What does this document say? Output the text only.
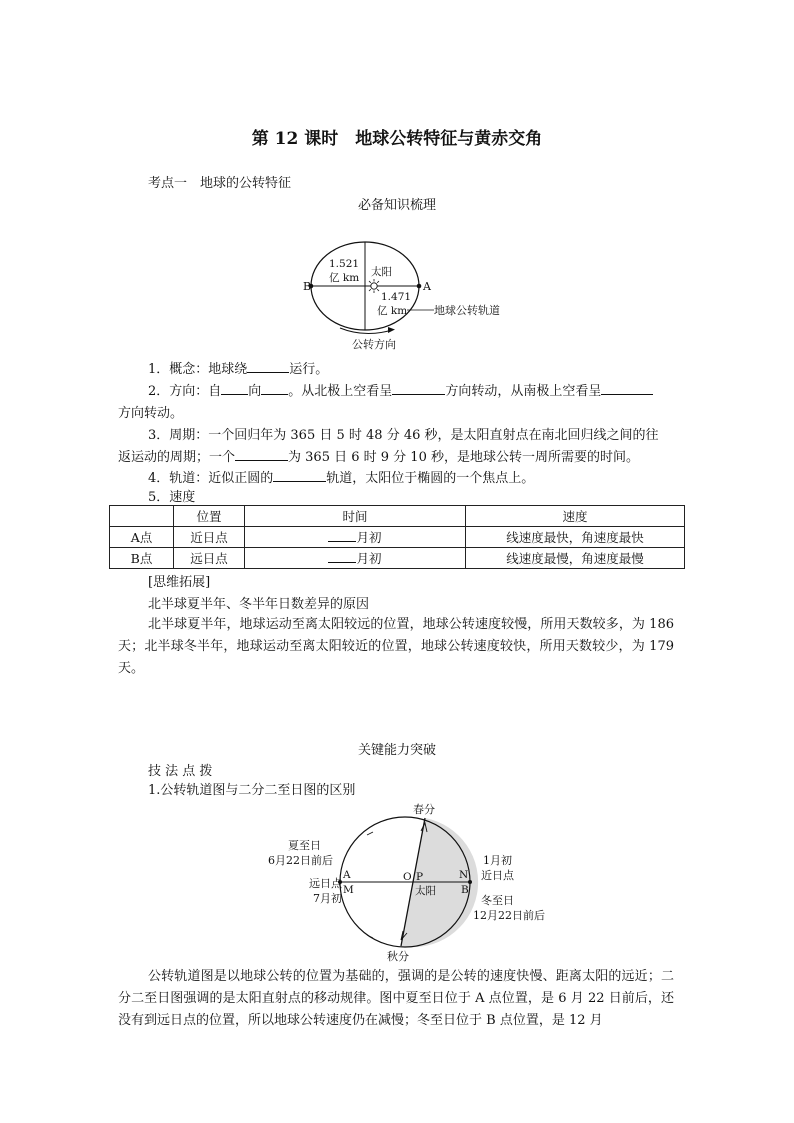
第 12 课时　地球公转特征与黄赤交角
考点一　地球的公转特征
必备知识梳理
B	A
1.521
亿 km 太阳
1.471
亿 km 地球公转轨道
公转方向
1．概念：地球绕	运行。
2．方向：自 向 。从北极上空看呈	方向转动，从南极上空看呈
方向转动。
3．周期：一个回归年为 365 日 5 时 48 分 46 秒，是太阳直射点在南北回归线之间的往
返运动的周期；一个	为 365 日 6 时 9 分 10 秒，是地球公转一周所需要的时间。
4．轨道：近似正圆的	轨道，太阳位于椭圆的一个焦点上。
5．速度
	位置	时间	速度
A点	近日点	月初	线速度最快，角速度最快
B点	远日点	月初	线速度最慢，角速度最慢
[思维拓展]
北半球夏半年、冬半年日数差异的原因
北半球夏半年，地球运动至离太阳较远的位置，地球公转速度较慢，所用天数较多，为 186 天；北半球冬半年，地球运动至离太阳较近的位置，地球公转速度较快，所用天数较少，为 179 天。
关键能力突破
技 法 点 拨
1.公转轨道图与二分二至日图的区别
春分
秋分
夏至日
6月22日前后
远日点
7月初
1月初
近日点
冬至日
12月22日前后
A
M
O P	N
B
太阳
公转轨道图是以地球公转的位置为基础的，强调的是公转的速度快慢、距离太阳的远近；二分二至日图强调的是太阳直射点的移动规律。图中夏至日位于 A 点位置，是 6 月 22 日前后，还没有到远日点的位置，所以地球公转速度仍在减慢；冬至日位于 B 点位置，是 12 月
